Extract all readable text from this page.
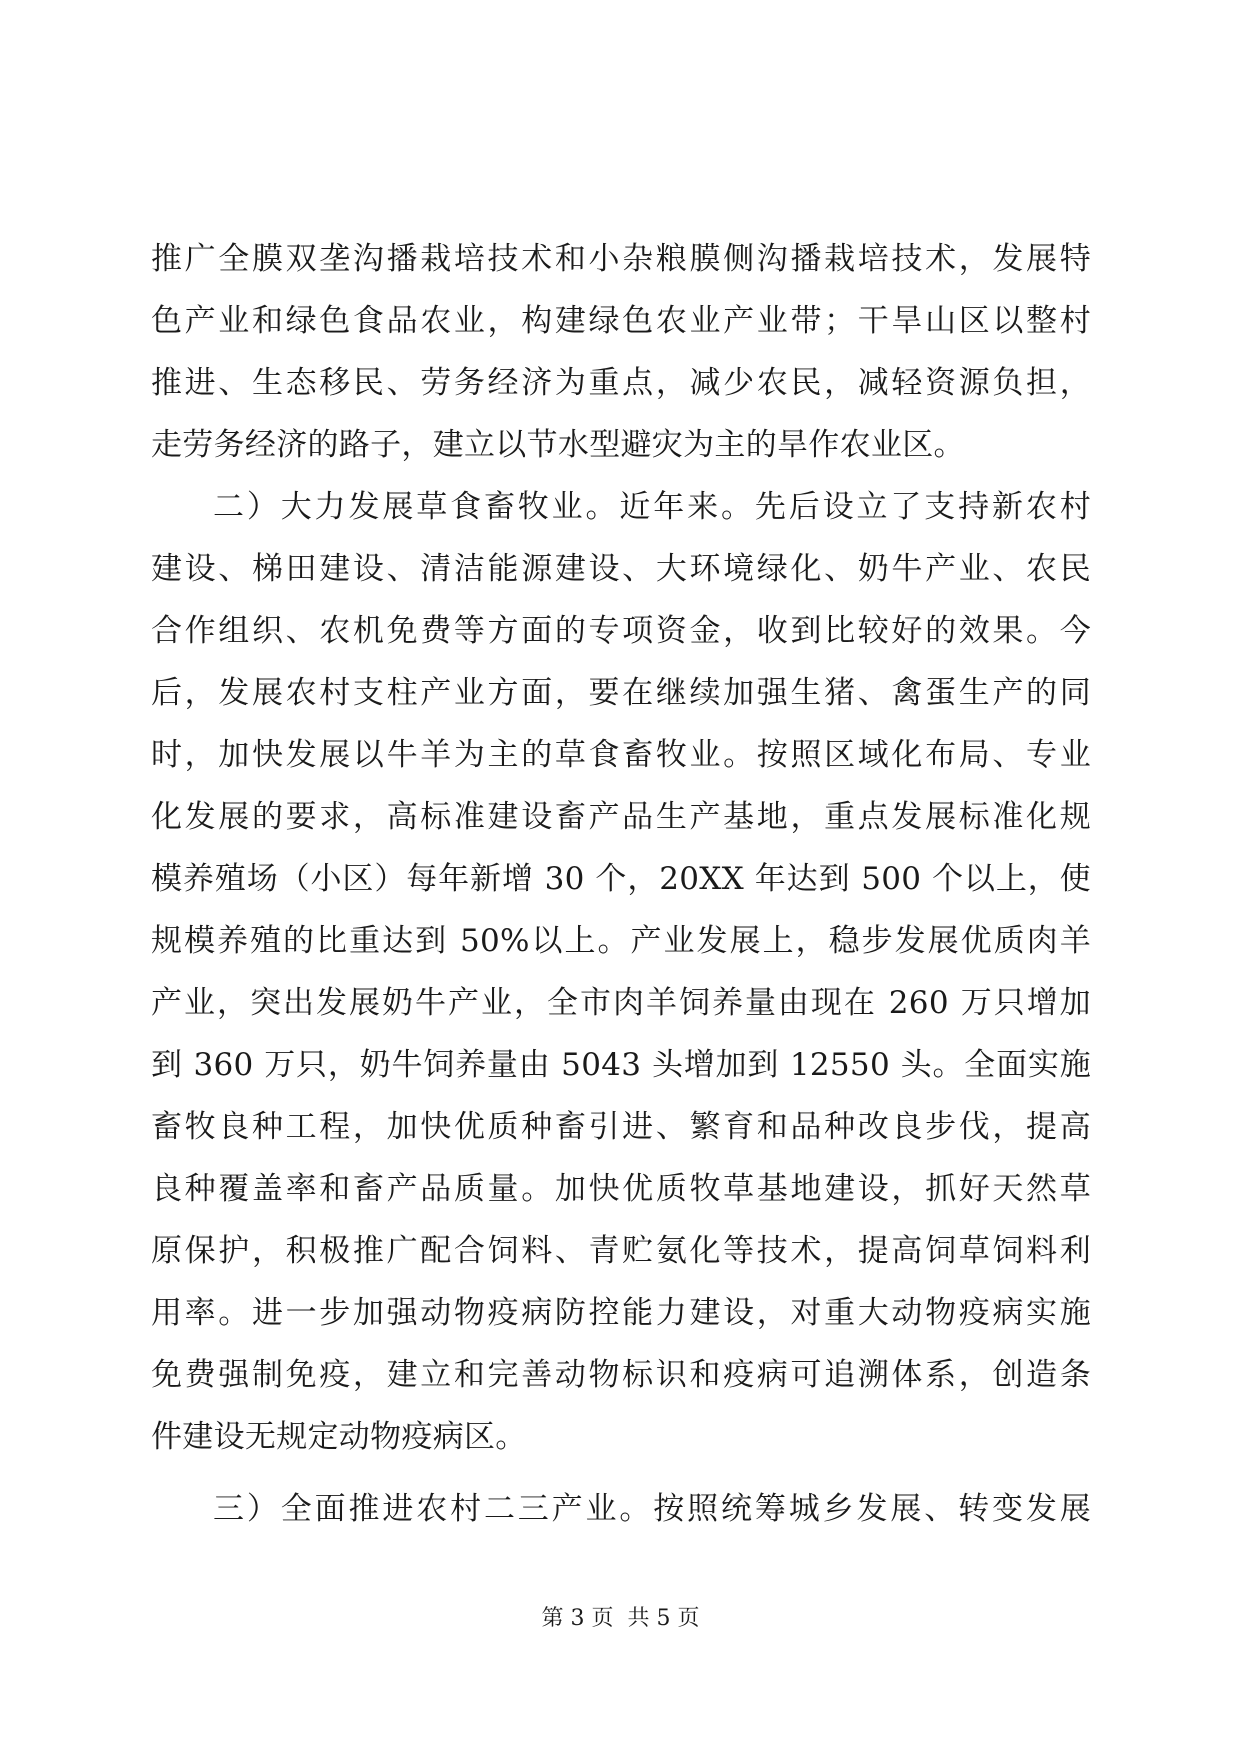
推广全膜双垄沟播栽培技术和小杂粮膜侧沟播栽培技术，发展特
色产业和绿色食品农业，构建绿色农业产业带；干旱山区以整村
推进、生态移民、劳务经济为重点，减少农民，减轻资源负担，
走劳务经济的路子，建立以节水型避灾为主的旱作农业区。
二）大力发展草食畜牧业。近年来。先后设立了支持新农村
建设、梯田建设、清洁能源建设、大环境绿化、奶牛产业、农民
合作组织、农机免费等方面的专项资金，收到比较好的效果。今
后，发展农村支柱产业方面，要在继续加强生猪、禽蛋生产的同
时，加快发展以牛羊为主的草食畜牧业。按照区域化布局、专业
化发展的要求，高标准建设畜产品生产基地，重点发展标准化规
模养殖场（小区）每年新增 30 个，20XX 年达到 500 个以上，使
规模养殖的比重达到 50%以上。产业发展上，稳步发展优质肉羊
产业，突出发展奶牛产业，全市肉羊饲养量由现在 260 万只增加
到 360 万只，奶牛饲养量由 5043 头增加到 12550 头。全面实施
畜牧良种工程，加快优质种畜引进、繁育和品种改良步伐，提高
良种覆盖率和畜产品质量。加快优质牧草基地建设，抓好天然草
原保护，积极推广配合饲料、青贮氨化等技术，提高饲草饲料利
用率。进一步加强动物疫病防控能力建设，对重大动物疫病实施
免费强制免疫，建立和完善动物标识和疫病可追溯体系，创造条
件建设无规定动物疫病区。
三）全面推进农村二三产业。按照统筹城乡发展、转变发展
第 3 页  共 5 页
